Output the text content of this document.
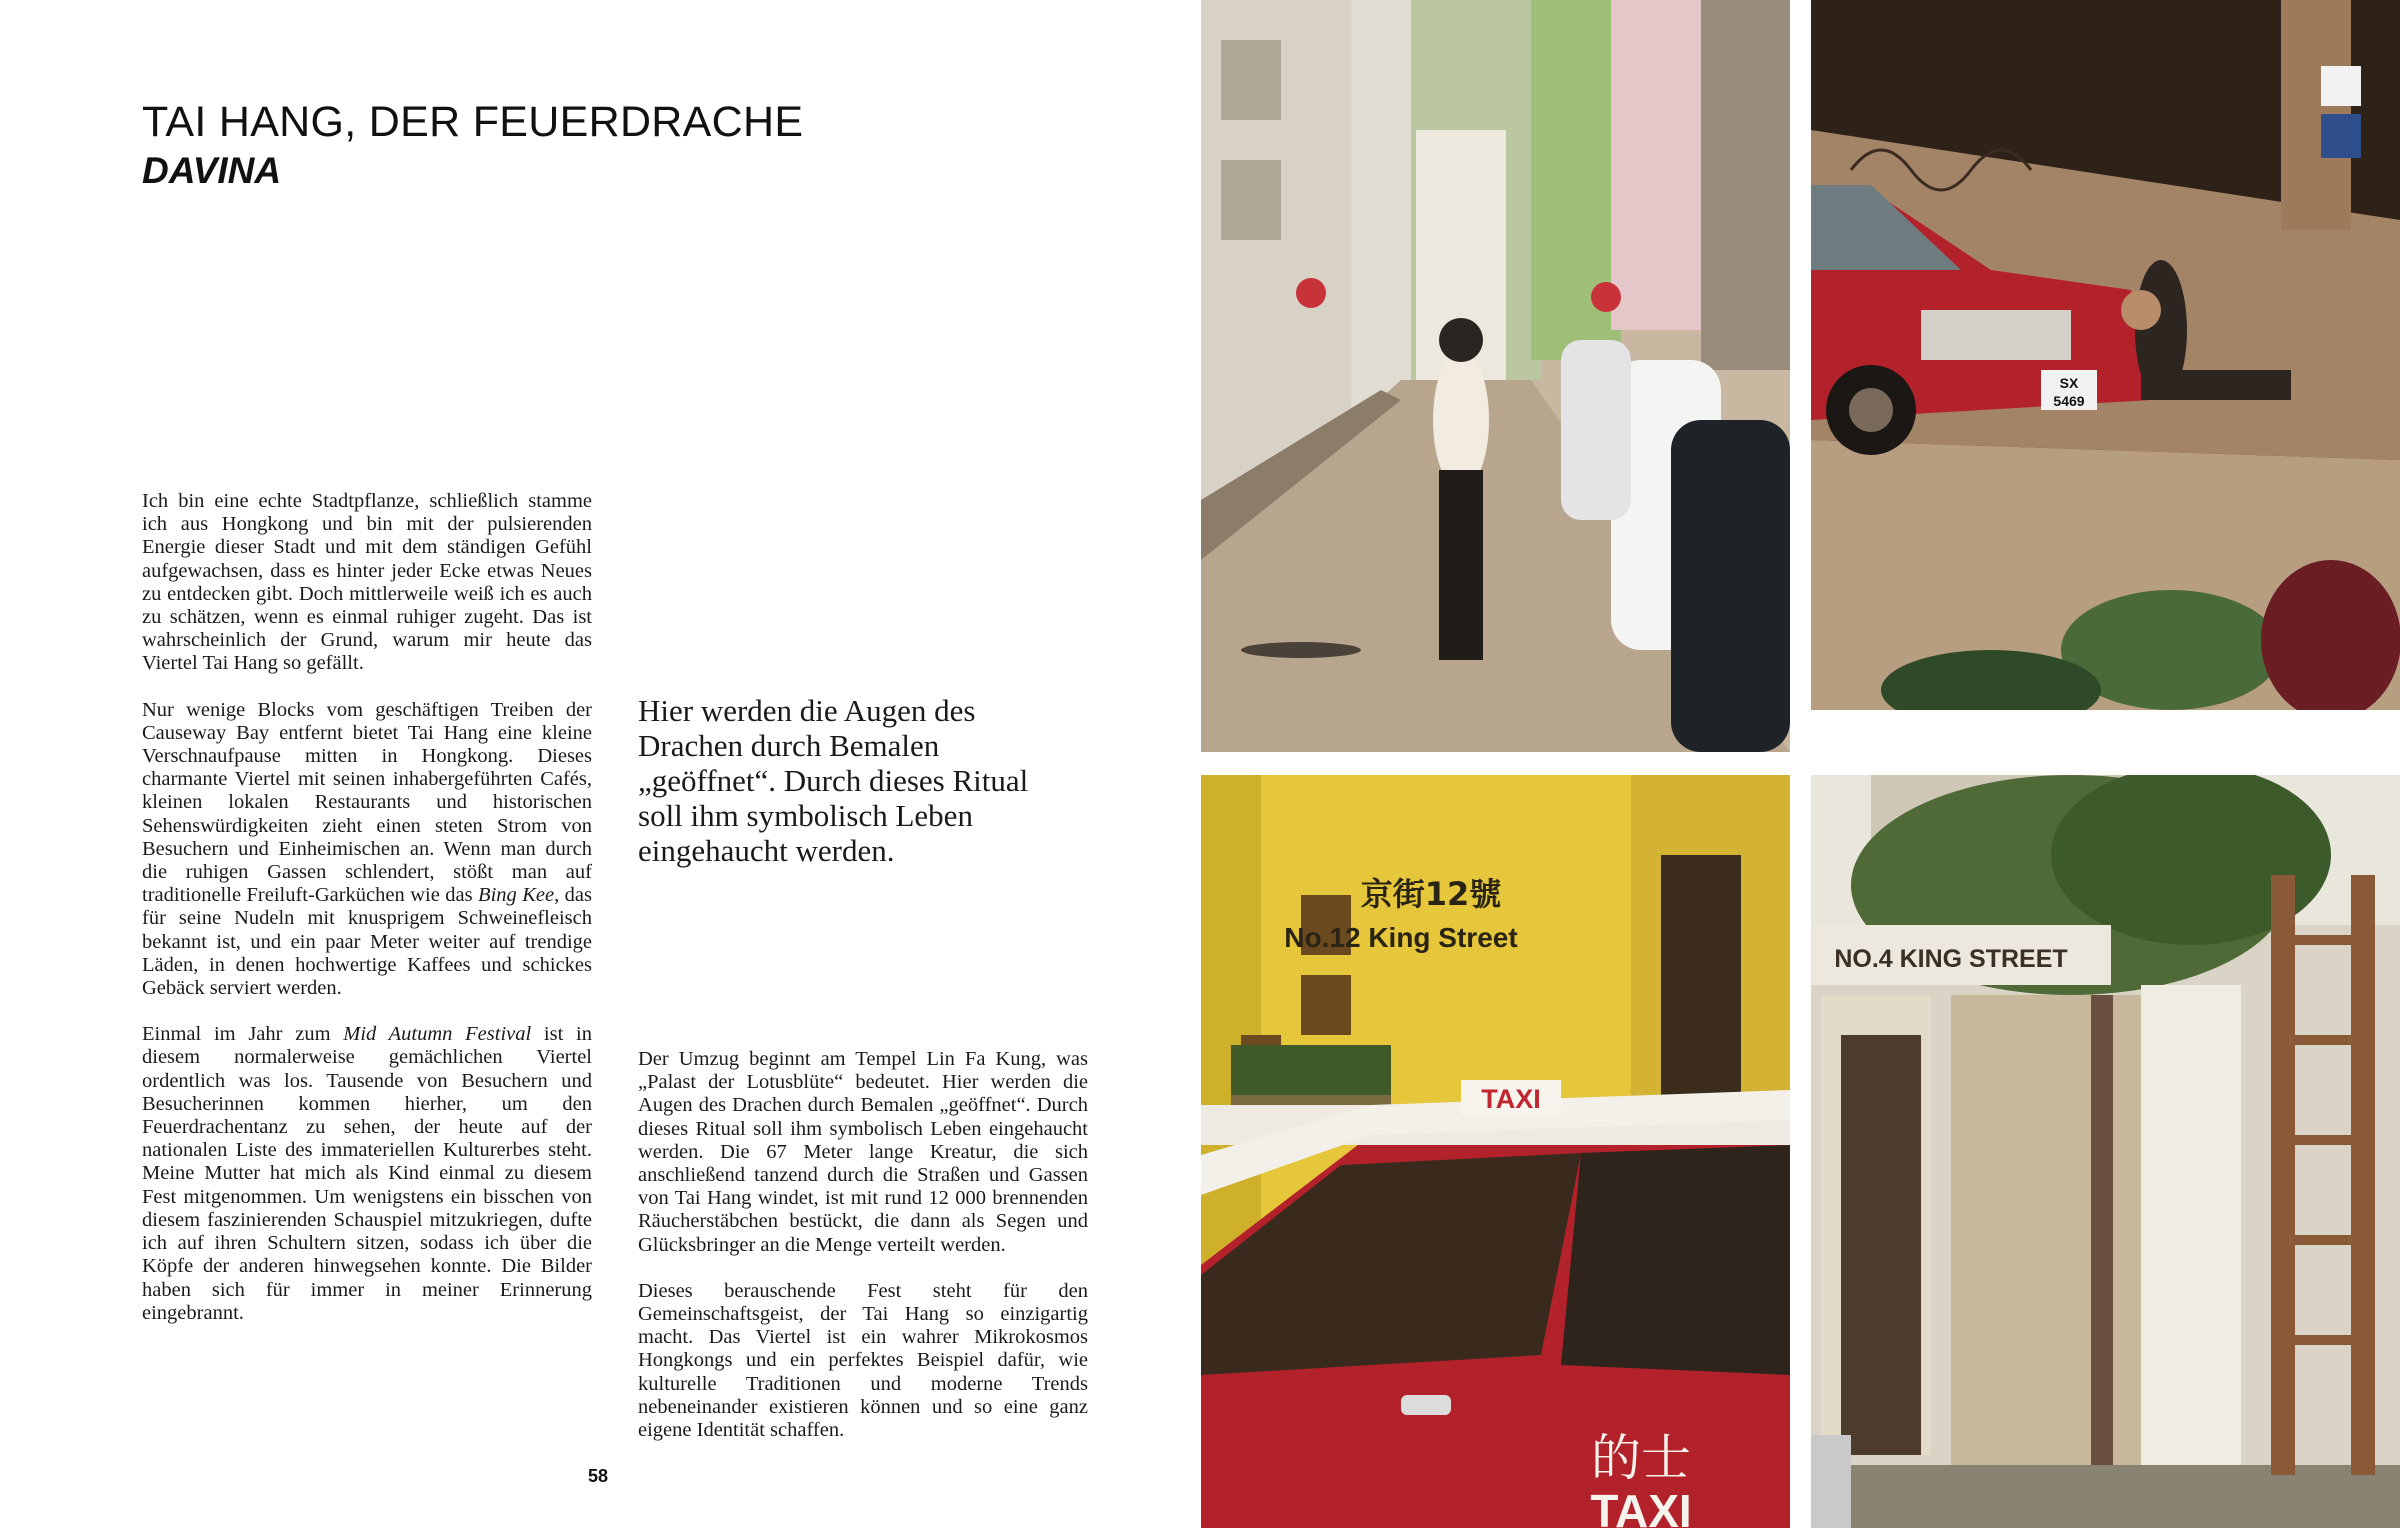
TAI HANG, DER FEUERDRACHE
DAVINA

Ich bin eine echte Stadtpflanze, schließlich stamme ich aus Hongkong und bin mit der pulsierenden Energie dieser Stadt und mit dem ständigen Gefühl aufgewachsen, dass es hinter jeder Ecke etwas Neues zu entdecken gibt. Doch mittlerweile weiß ich es auch zu schätzen, wenn es einmal ruhiger zugeht. Das ist wahrscheinlich der Grund, warum mir heute das Viertel Tai Hang so gefällt.

Nur wenige Blocks vom geschäftigen Treiben der Causeway Bay entfernt bietet Tai Hang eine kleine Verschnaufpause mitten in Hongkong. Dieses charmante Viertel mit seinen inhabergeführten Cafés, kleinen lokalen Restaurants und historischen Sehenswürdigkeiten zieht einen steten Strom von Besuchern und Einheimischen an. Wenn man durch die ruhigen Gassen schlendert, stößt man auf traditionelle Freiluft-Garküchen wie das Bing Kee, das für seine Nudeln mit knusprigem Schweinefleisch bekannt ist, und ein paar Meter weiter auf trendige Läden, in denen hochwertige Kaffees und schickes Gebäck serviert werden.

Einmal im Jahr zum Mid Autumn Festival ist in diesem normalerweise gemächlichen Viertel ordentlich was los. Tausende von Besuchern und Besucherinnen kommen hierher, um den Feuerdrachentanz zu sehen, der heute auf der nationalen Liste des immateriellen Kulturerbes steht. Meine Mutter hat mich als Kind einmal zu diesem Fest mitgenommen. Um wenigstens ein bisschen von diesem faszinierenden Schauspiel mitzukriegen, dufte ich auf ihren Schultern sitzen, sodass ich über die Köpfe der anderen hinwegsehen konnte. Die Bilder haben sich für immer in meiner Erinnerung eingebrannt.

Hier werden die Augen des Drachen durch Bemalen „geöffnet“. Durch dieses Ritual soll ihm symbolisch Leben eingehaucht werden.

Der Umzug beginnt am Tempel Lin Fa Kung, was „Palast der Lotusblüte“ bedeutet. Hier werden die Augen des Drachen durch Bemalen „geöffnet“. Durch dieses Ritual soll ihm symbolisch Leben eingehaucht werden. Die 67 Meter lange Kreatur, die sich anschließend tanzend durch die Straßen und Gassen von Tai Hang windet, ist mit rund 12 000 brennenden Räucherstäbchen bestückt, die dann als Segen und Glücksbringer an die Menge verteilt werden.

Dieses berauschende Fest steht für den Gemeinschaftsgeist, der Tai Hang so einzigartig macht. Das Viertel ist ein wahrer Mikrokosmos Hongkongs und ein perfektes Beispiel dafür, wie kulturelle Traditionen und moderne Trends nebeneinander existieren können und so eine ganz eigene Identität schaffen.

58

SX
5469
京街12號
No.12 King Street
TAXI
的士
TAXI
NO.4 KING STREET
